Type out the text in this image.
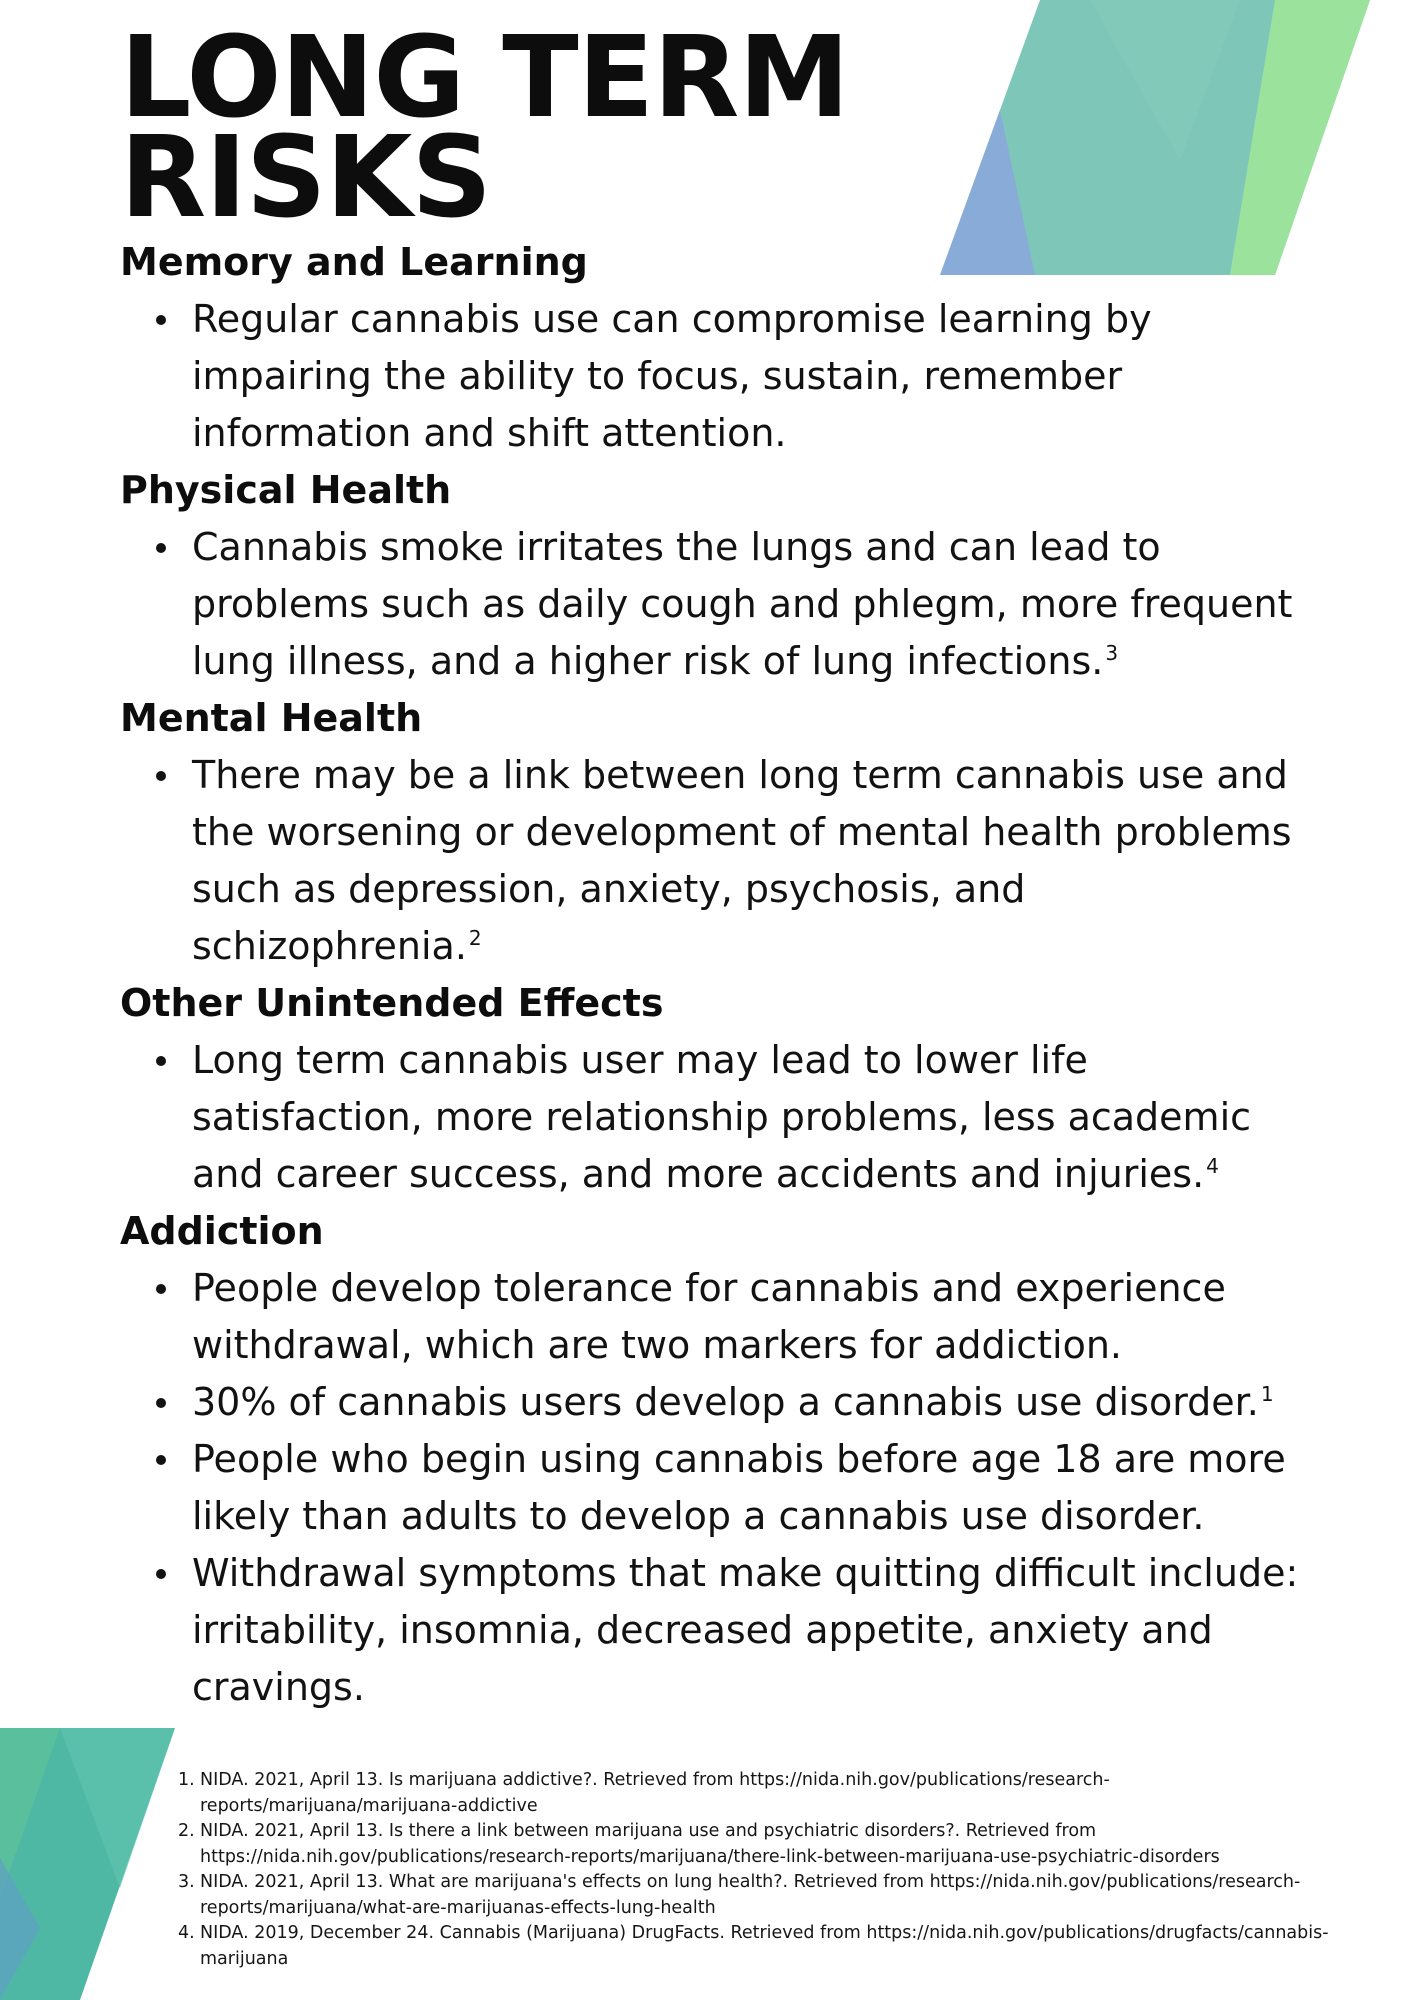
LONG TERM
RISKS
Memory and Learning
Regular cannabis use can compromise learning by impairing the ability to focus, sustain, remember information and shift attention.
Physical Health
Cannabis smoke irritates the lungs and can lead to problems such as daily cough and phlegm, more frequent lung illness, and a higher risk of lung infections. $^3$
Mental Health
There may be a link between long term cannabis use and the worsening or development of mental health problems such as depression, anxiety, psychosis, and schizophrenia. $^2$
Other Unintended Effects
Long term cannabis user may lead to lower life satisfaction, more relationship problems, less academic and career success, and more accidents and injuries. $^4$
Addiction
People develop tolerance for cannabis and experience withdrawal, which are two markers for addiction.
30% of cannabis users develop a cannabis use disorder. $^1$
People who begin using cannabis before age 18 are more likely than adults to develop a cannabis use disorder.
Withdrawal symptoms that make quitting difficult include: irritability, insomnia, decreased appetite, anxiety and cravings.
1. NIDA. 2021, April 13. Is marijuana addictive?. Retrieved from https://nida.nih.gov/publications/research-reports/marijuana/marijuana-addictive
2. NIDA. 2021, April 13. Is there a link between marijuana use and psychiatric disorders?. Retrieved from https://nida.nih.gov/publications/research-reports/marijuana/there-link-between-marijuana-use-psychiatric-disorders
3. NIDA. 2021, April 13. What are marijuana's effects on lung health?. Retrieved from https://nida.nih.gov/publications/research-reports/marijuana/what-are-marijuanas-effects-lung-health
4. NIDA. 2019, December 24. Cannabis (Marijuana) DrugFacts. Retrieved from https://nida.nih.gov/publications/drugfacts/cannabis-marijuana
